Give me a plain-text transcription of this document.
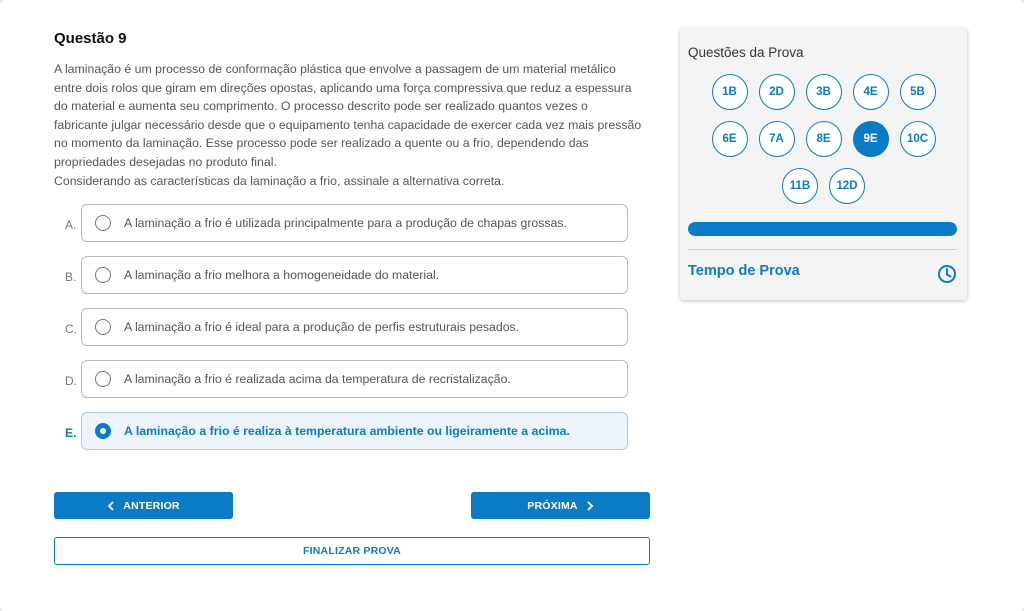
Questão 9

A laminação é um processo de conformação plástica que envolve a passagem de um material metálico

entre dois rolos que giram em direções opostas, aplicando uma força compressiva que reduz a espessura

do material e aumenta seu comprimento. O processo descrito pode ser realizado quantos vezes o

fabricante julgar necessário desde que o equipamento tenha capacidade de exercer cada vez mais pressão

no momento da laminação. Esse processo pode ser realizado a quente ou a frio, dependendo das

propriedades desejadas no produto final.

Considerando as características da laminação a frio, assinale a alternativa correta.

A.	A laminação a frio é utilizada principalmente para a produção de chapas grossas.
B.	A laminação a frio melhora a homogeneidade do material.
C.	A laminação a frio é ideal para a produção de perfis estruturais pesados.
D.	A laminação a frio é realizada acima da temperatura de recristalização.
E.	A laminação a frio é realiza à temperatura ambiente ou ligeiramente a acima.
ANTERIOR	PRÓXIMA
FINALIZAR PROVA
Questões da Prova
1B	2D	3B	4E	5B
6E	7A	8E	9E	10C
11B	12D
Tempo de Prova
